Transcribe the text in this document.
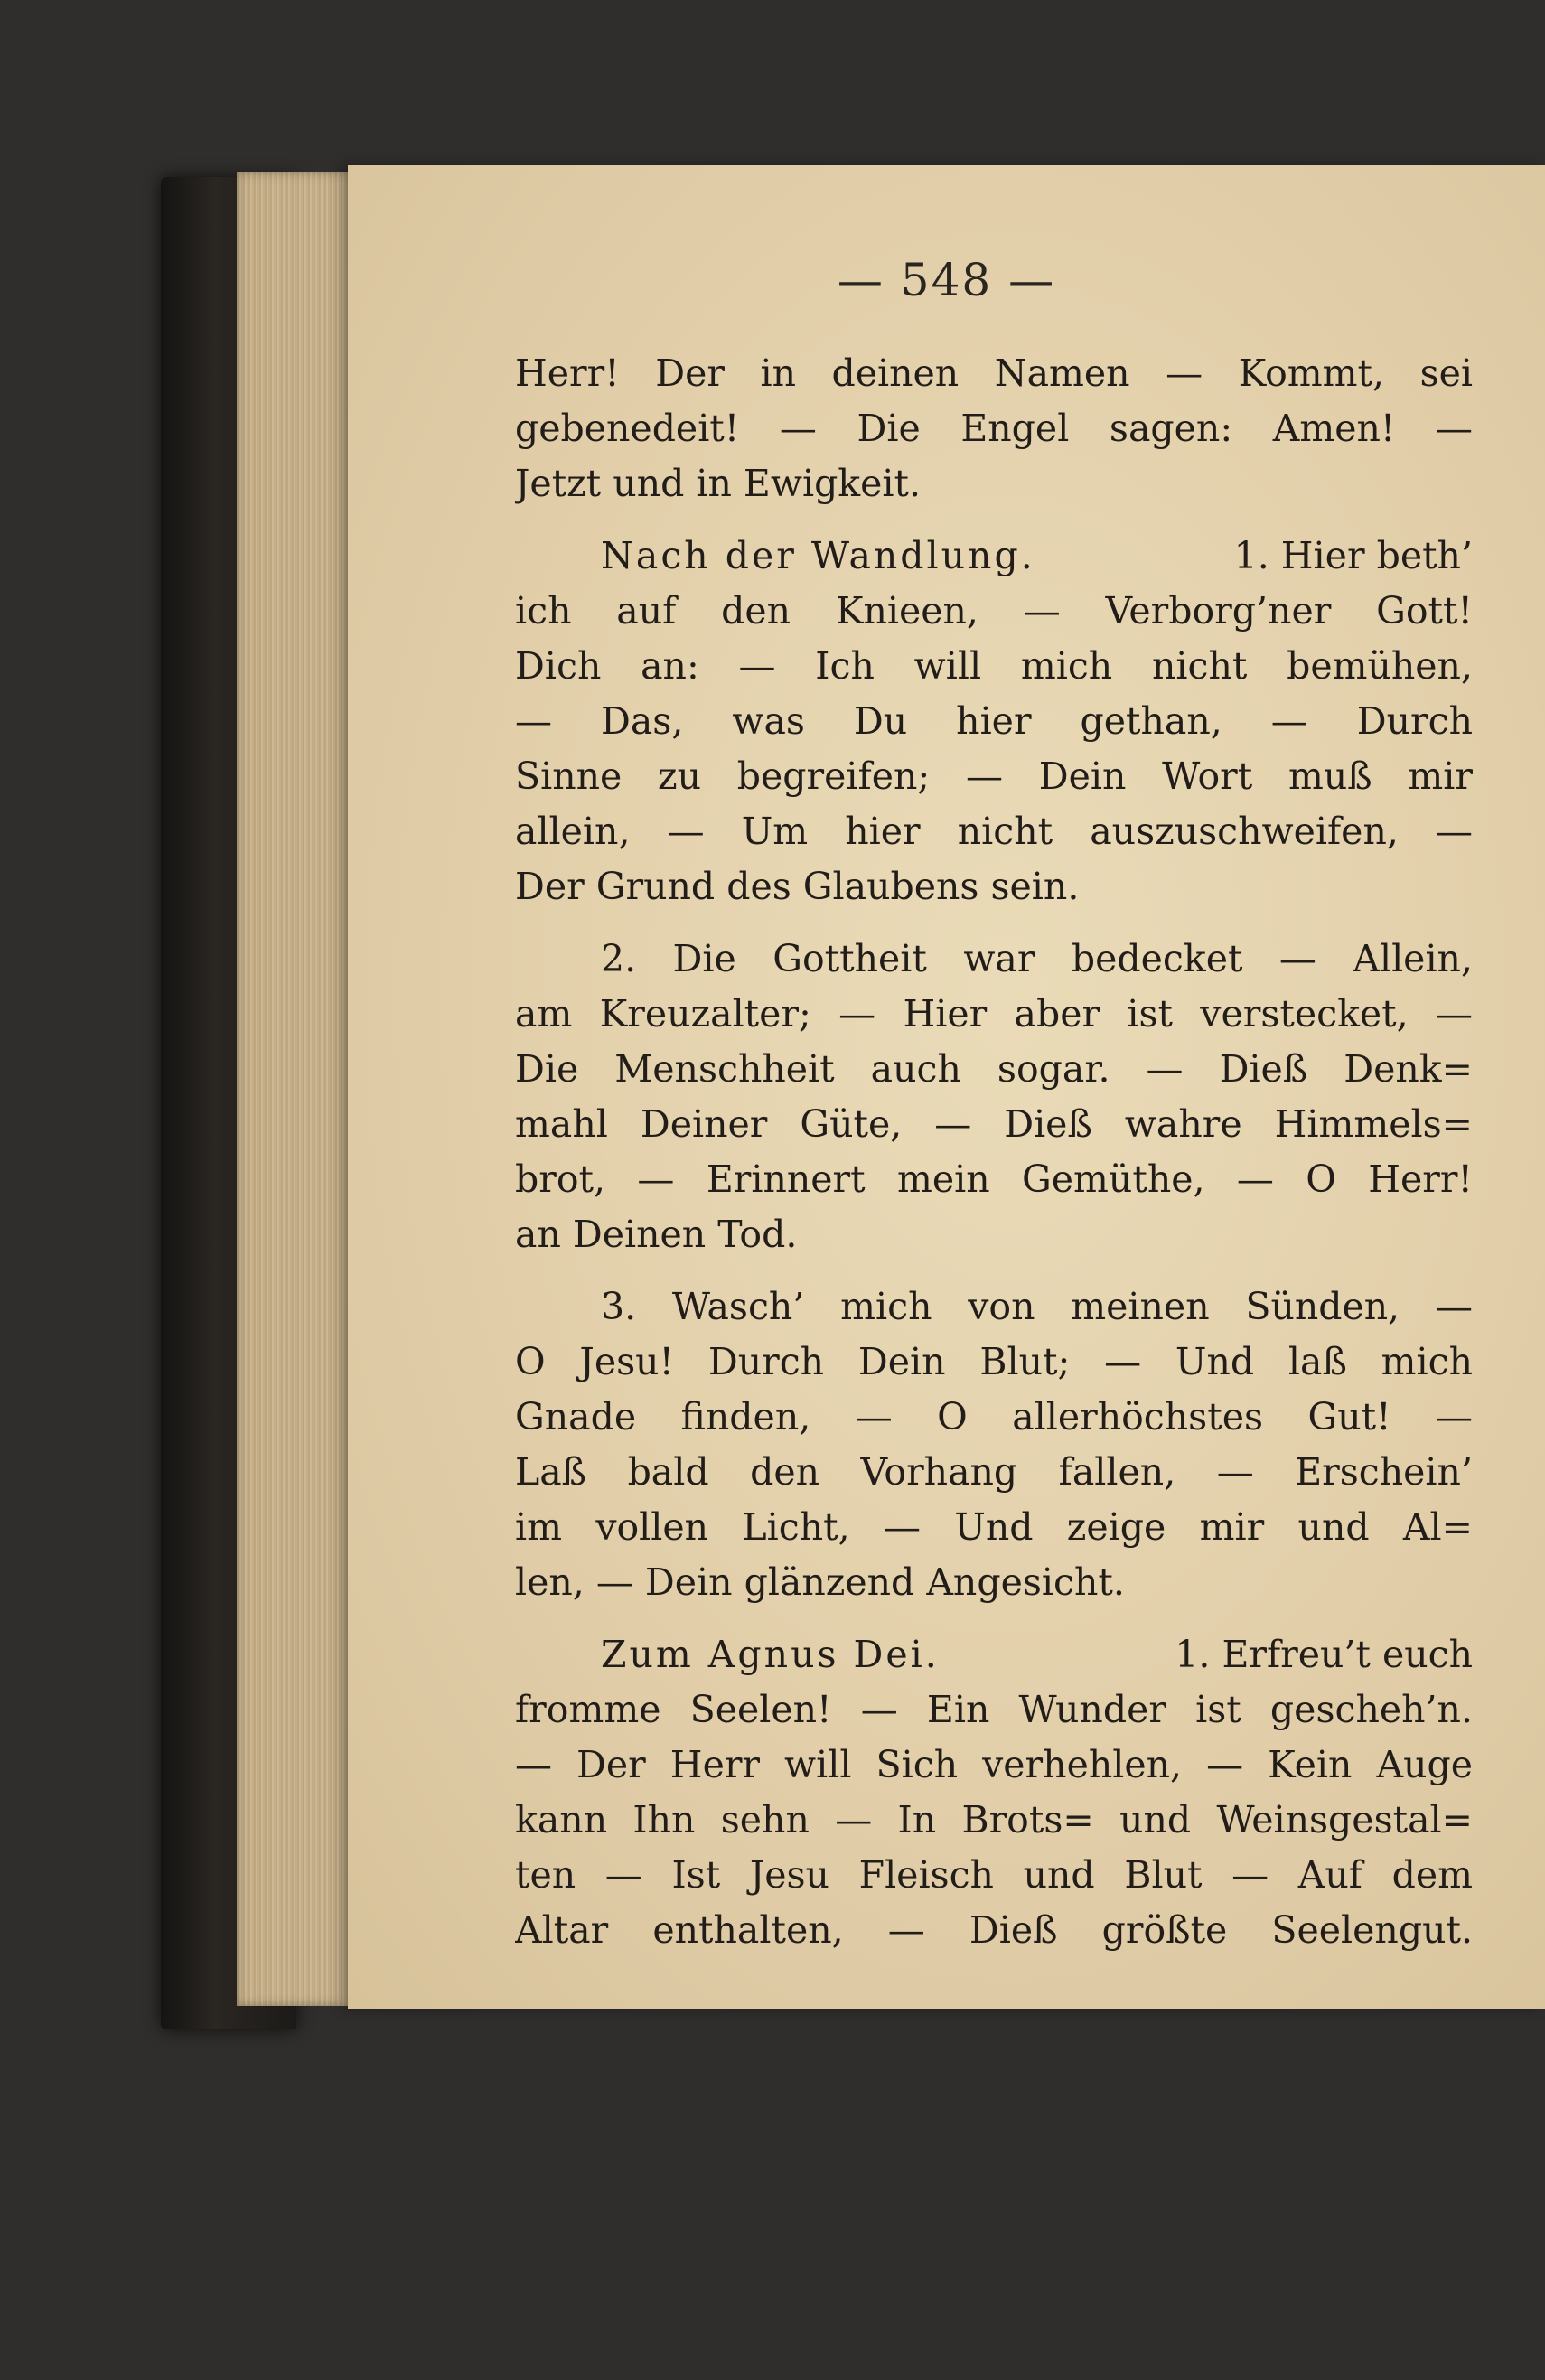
— 548 —
Herr! Der in deinen Namen — Kommt, sei
gebenedeit! — Die Engel sagen: Amen! —
Jetzt und in Ewigkeit.
Nach der Wandlung.	1. Hier beth’
ich auf den Knieen, — Verborg’ner Gott!
Dich an: — Ich will mich nicht bemühen,
— Das, was Du hier gethan, — Durch
Sinne zu begreifen; — Dein Wort muß mir
allein, — Um hier nicht auszuschweifen, —
Der Grund des Glaubens sein.
2. Die Gottheit war bedecket — Allein,
am Kreuzalter; — Hier aber ist verstecket, —
Die Menschheit auch sogar. — Dieß Denk=
mahl Deiner Güte, — Dieß wahre Himmels=
brot, — Erinnert mein Gemüthe, — O Herr!
an Deinen Tod.
3. Wasch’ mich von meinen Sünden, —
O Jesu! Durch Dein Blut; — Und laß mich
Gnade finden, — O allerhöchstes Gut! —
Laß bald den Vorhang fallen, — Erschein’
im vollen Licht, — Und zeige mir und Al=
len, — Dein glänzend Angesicht.
Zum Agnus Dei.	1. Erfreu’t euch
fromme Seelen! — Ein Wunder ist gescheh’n.
— Der Herr will Sich verhehlen, — Kein Auge
kann Ihn sehn — In Brots= und Weinsgestal=
ten — Ist Jesu Fleisch und Blut — Auf dem
Altar enthalten, — Dieß größte Seelengut.
